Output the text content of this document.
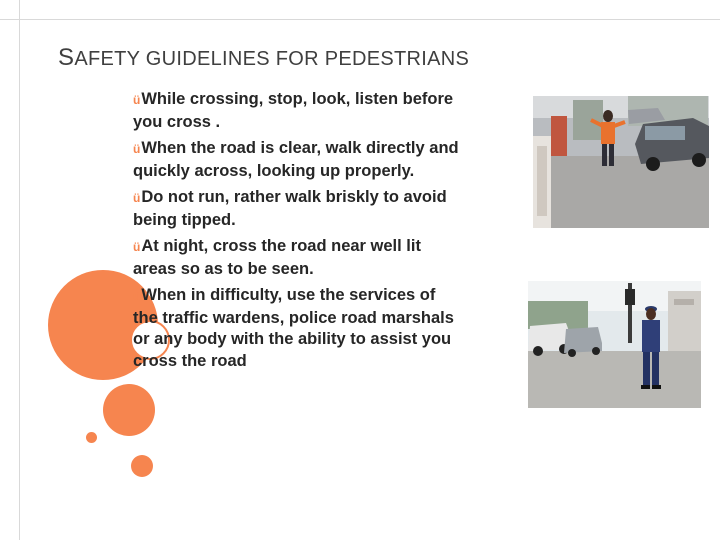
SAFETY GUIDELINES FOR PEDESTRIANS
üWhile crossing, stop, look, listen before you cross .
üWhen the road is clear, walk directly and quickly across, looking up properly.
üDo not run, rather walk briskly to avoid being tipped.
üAt night, cross the road near well lit areas so as to be seen.
üWhen in difficulty, use the services of the traffic wardens, police road marshals or any body with the ability to assist you cross the road
